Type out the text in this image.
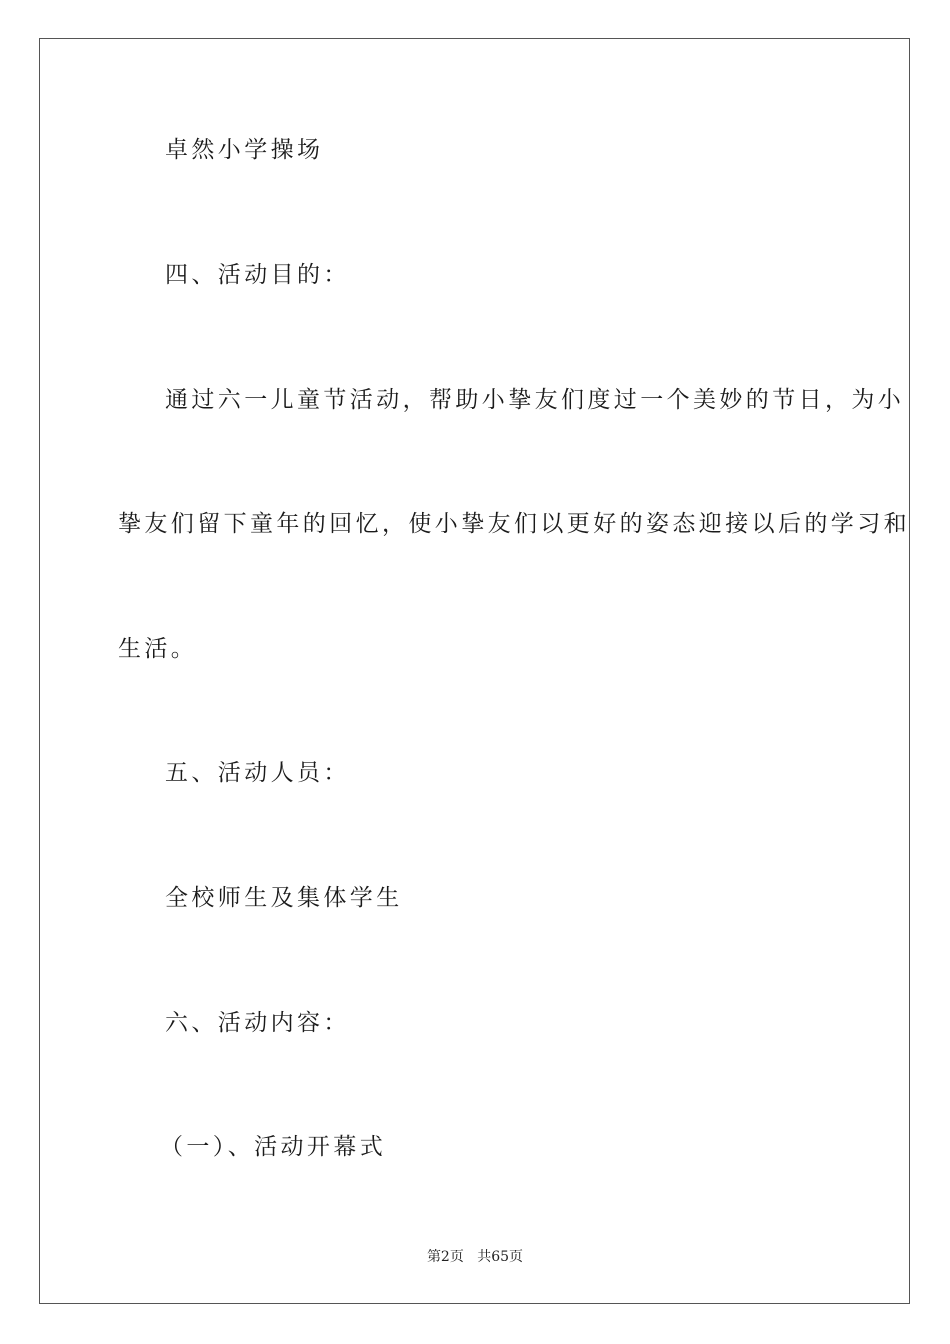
卓然小学操场
四、活动目的：
通过六一儿童节活动，帮助小挚友们度过一个美妙的节日，为小
挚友们留下童年的回忆，使小挚友们以更好的姿态迎接以后的学习和
生活。
五、活动人员：
全校师生及集体学生
六、活动内容：
（一）、活动开幕式
第2页 共65页
